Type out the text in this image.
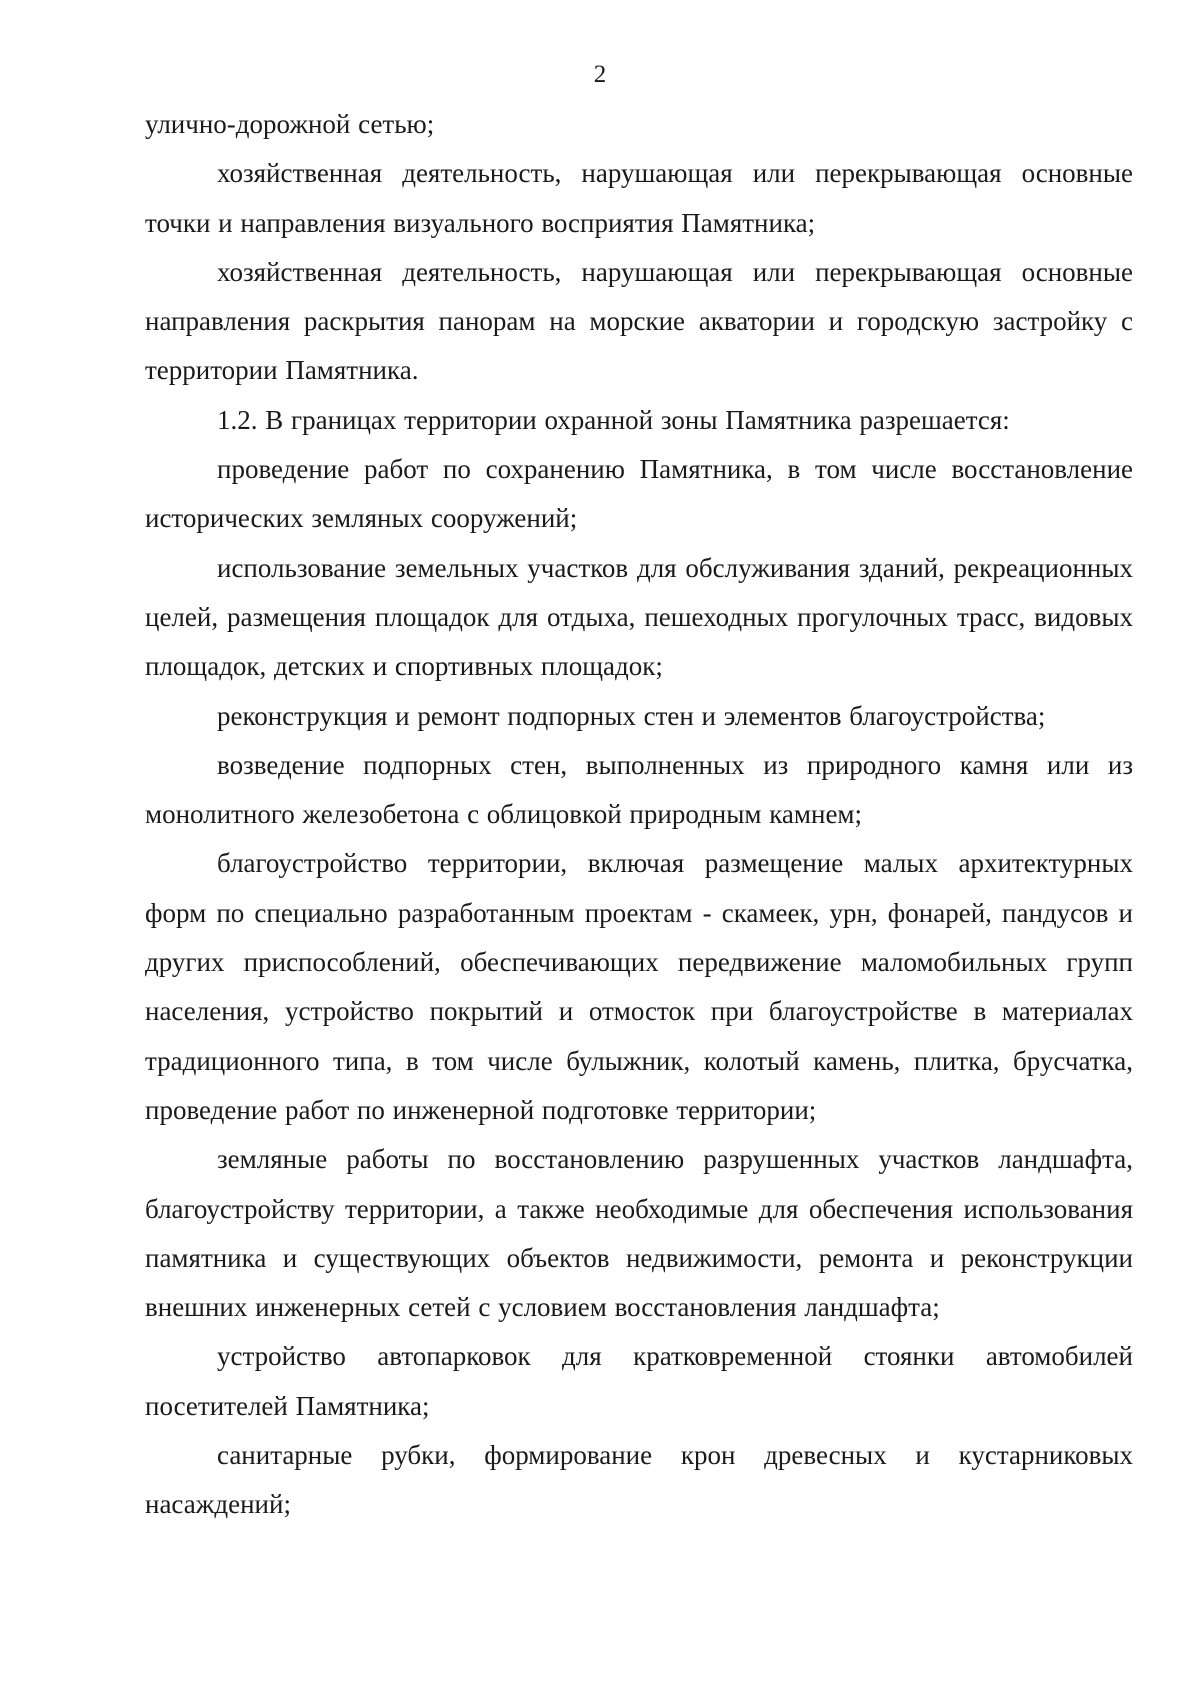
2

улично-дорожной сетью;

хозяйственная деятельность, нарушающая или перекрывающая основные точки и направления визуального восприятия Памятника;

хозяйственная деятельность, нарушающая или перекрывающая основные направления раскрытия панорам на морские акватории и городскую застройку с территории Памятника.

1.2. В границах территории охранной зоны Памятника разрешается:

проведение работ по сохранению Памятника, в том числе восстановление исторических земляных сооружений;

использование земельных участков для обслуживания зданий, рекреационных целей, размещения площадок для отдыха, пешеходных прогулочных трасс, видовых площадок, детских и спортивных площадок;

реконструкция и ремонт подпорных стен и элементов благоустройства;

возведение подпорных стен, выполненных из природного камня или из монолитного железобетона с облицовкой природным камнем;

благоустройство территории, включая размещение малых архитектурных форм по специально разработанным проектам - скамеек, урн, фонарей, пандусов и других приспособлений, обеспечивающих передвижение маломобильных групп населения, устройство покрытий и отмосток при благоустройстве в материалах традиционного типа, в том числе булыжник, колотый камень, плитка, брусчатка, проведение работ по инженерной подготовке территории;

земляные работы по восстановлению разрушенных участков ландшафта, благоустройству территории, а также необходимые для обеспечения использования памятника и существующих объектов недвижимости, ремонта и реконструкции внешних инженерных сетей с условием восстановления ландшафта;

устройство автопарковок для кратковременной стоянки автомобилей посетителей Памятника;

санитарные рубки, формирование крон древесных и кустарниковых насаждений;
